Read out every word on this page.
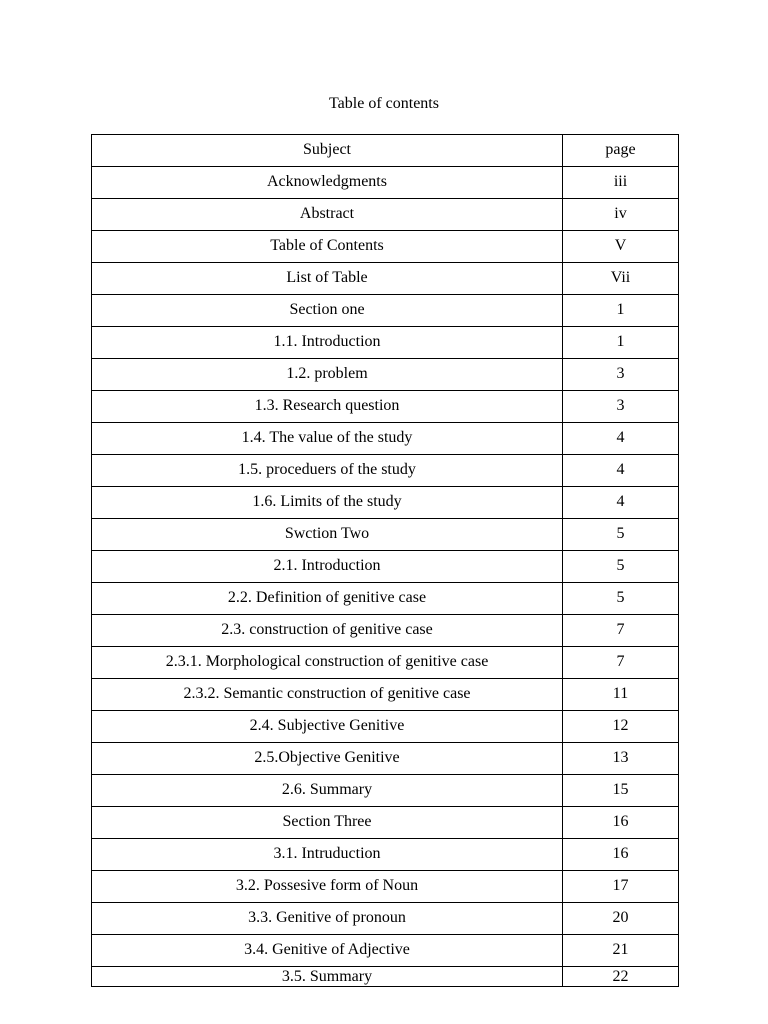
Table of contents
Subject	page
Acknowledgments	iii
Abstract	iv
Table of Contents	V
List of Table	Vii
Section one	1
1.1. Introduction	1
1.2. problem	3
1.3. Research question	3
1.4. The value of the study	4
1.5. proceduers of the study	4
1.6. Limits of the study	4
Swction Two	5
2.1. Introduction	5
2.2. Definition of genitive case	5
2.3. construction of genitive case	7
2.3.1. Morphological construction of genitive case	7
2.3.2. Semantic construction of genitive case	11
2.4. Subjective Genitive	12
2.5.Objective Genitive	13
2.6. Summary	15
Section Three	16
3.1. Intruduction	16
3.2. Possesive form of Noun	17
3.3. Genitive of pronoun	20
3.4. Genitive of Adjective	21
3.5. Summary	22
